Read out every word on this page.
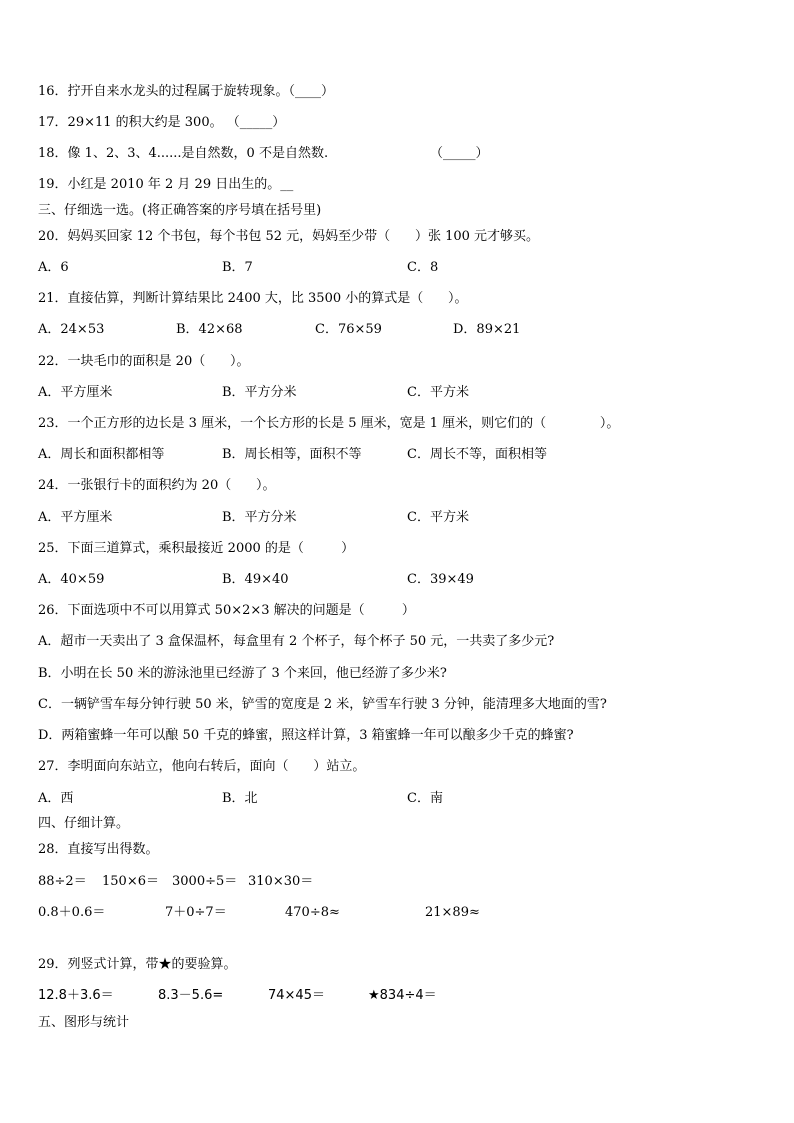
16．拧开自来水龙头的过程属于旋转现象。（____）
17．29×11 的积大约是 300。 （_____）
18．像 1、2、3、4......是自然数，0 不是自然数.	（_____）
19．小红是 2010 年 2 月 29 日出生的。__
三、仔细选一选。(将正确答案的序号填在括号里)
20．妈妈买回家 12 个书包，每个书包 52 元，妈妈至少带（      ）张 100 元才够买。
A．6	B．7	C．8
21．直接估算，判断计算结果比 2400 大，比 3500 小的算式是（      ）。
A．24×53	B．42×68	C．76×59	D．89×21
22．一块毛巾的面积是 20（      ）。
A．平方厘米	B．平方分米	C．平方米
23．一个正方形的边长是 3 厘米，一个长方形的长是 5 厘米，宽是 1 厘米，则它们的（             ）。
A．周长和面积都相等	B．周长相等，面积不等	C．周长不等，面积相等
24．一张银行卡的面积约为 20（      ）。
A．平方厘米	B．平方分米	C．平方米
25．下面三道算式，乘积最接近 2000 的是（         ）
A．40×59	B．49×40	C．39×49
26．下面选项中不可以用算式 50×2×3 解决的问题是（         ）
A．超市一天卖出了 3 盒保温杯，每盒里有 2 个杯子，每个杯子 50 元，一共卖了多少元?
B．小明在长 50 米的游泳池里已经游了 3 个来回，他已经游了多少米?
C．一辆铲雪车每分钟行驶 50 米，铲雪的宽度是 2 米，铲雪车行驶 3 分钟，能清理多大地面的雪?
D．两箱蜜蜂一年可以酿 50 千克的蜂蜜，照这样计算，3 箱蜜蜂一年可以酿多少千克的蜂蜜?
27．李明面向东站立，他向右转后，面向（      ）站立。
A．西	B．北	C．南
四、仔细计算。
28．直接写出得数。
88÷2＝ 150×6＝ 3000÷5＝ 310×30＝
0.8＋0.6＝	7＋0÷7＝	470÷8≈	21×89≈
29．列竖式计算，带★的要验算。
12.8＋3.6＝	8.3－5.6=	74×45＝	★834÷4＝
五、图形与统计
